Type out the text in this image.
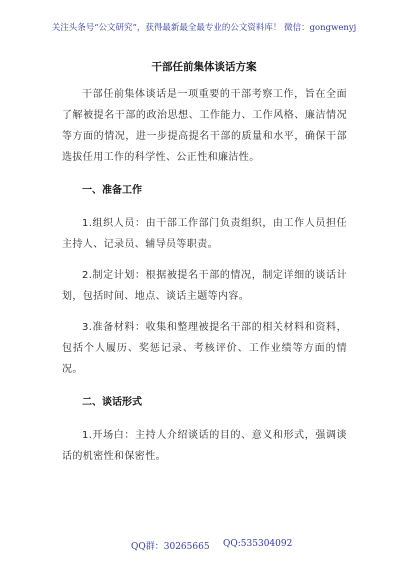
关注头条号“公文研究”，获得最新最全最专业的公文资料库！ 微信：gongwenyj
干部任前集体谈话方案

干部任前集体谈话是一项重要的干部考察工作，旨在全面了解被提名干部的政治思想、工作能力、工作风格、廉洁情况等方面的情况，进一步提高提名干部的质量和水平，确保干部选拔任用工作的科学性、公正性和廉洁性。

一、准备工作

1.组织人员：由干部工作部门负责组织，由工作人员担任主持人、记录员、辅导员等职责。

2.制定计划：根据被提名干部的情况，制定详细的谈话计划，包括时间、地点、谈话主题等内容。

3.准备材料：收集和整理被提名干部的相关材料和资料，包括个人履历、奖惩记录、考核评价、工作业绩等方面的情况。

二、谈话形式

1.开场白：主持人介绍谈话的目的、意义和形式，强调谈话的机密性和保密性。

QQ群：30265665 QQ:535304092
